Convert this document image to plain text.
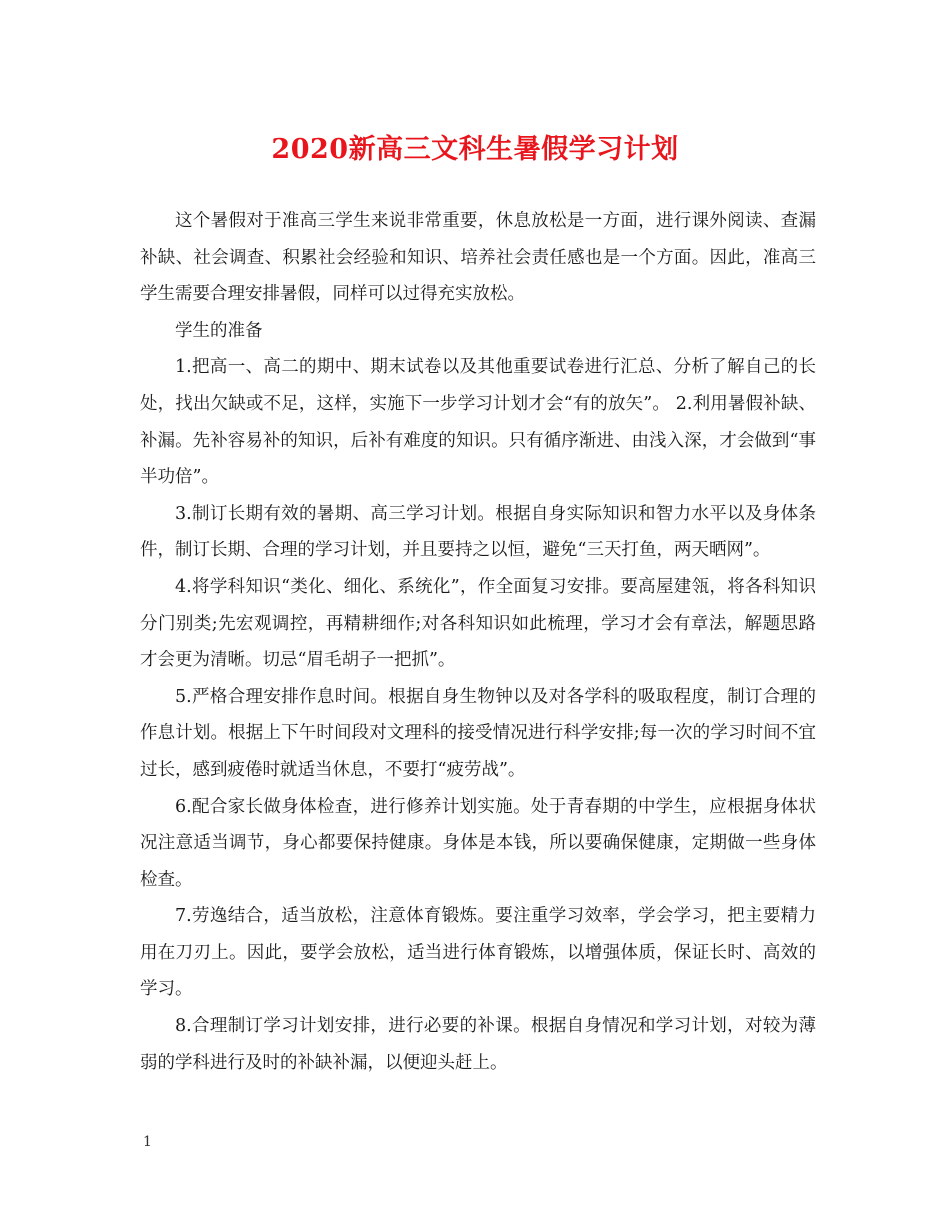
2020新高三文科生暑假学习计划

这个暑假对于准高三学生来说非常重要，休息放松是一方面，进行课外阅读、查漏补缺、社会调查、积累社会经验和知识、培养社会责任感也是一个方面。因此，准高三学生需要合理安排暑假，同样可以过得充实放松。

学生的准备

1.把高一、高二的期中、期末试卷以及其他重要试卷进行汇总、分析了解自己的长处，找出欠缺或不足，这样，实施下一步学习计划才会“有的放矢”。 2.利用暑假补缺、补漏。先补容易补的知识，后补有难度的知识。只有循序渐进、由浅入深，才会做到“事半功倍”。

3.制订长期有效的暑期、高三学习计划。根据自身实际知识和智力水平以及身体条件，制订长期、合理的学习计划，并且要持之以恒，避免“三天打鱼，两天晒网”。

4.将学科知识“类化、细化、系统化”，作全面复习安排。要高屋建瓴，将各科知识分门别类;先宏观调控，再精耕细作;对各科知识如此梳理，学习才会有章法，解题思路才会更为清晰。切忌“眉毛胡子一把抓”。

5.严格合理安排作息时间。根据自身生物钟以及对各学科的吸取程度，制订合理的作息计划。根据上下午时间段对文理科的接受情况进行科学安排;每一次的学习时间不宜过长，感到疲倦时就适当休息，不要打“疲劳战”。

6.配合家长做身体检查，进行修养计划实施。处于青春期的中学生，应根据身体状况注意适当调节，身心都要保持健康。身体是本钱，所以要确保健康，定期做一些身体检查。

7.劳逸结合，适当放松，注意体育锻炼。要注重学习效率，学会学习，把主要精力用在刀刃上。因此，要学会放松，适当进行体育锻炼，以增强体质，保证长时、高效的学习。

8.合理制订学习计划安排，进行必要的补课。根据自身情况和学习计划，对较为薄弱的学科进行及时的补缺补漏，以便迎头赶上。

1
